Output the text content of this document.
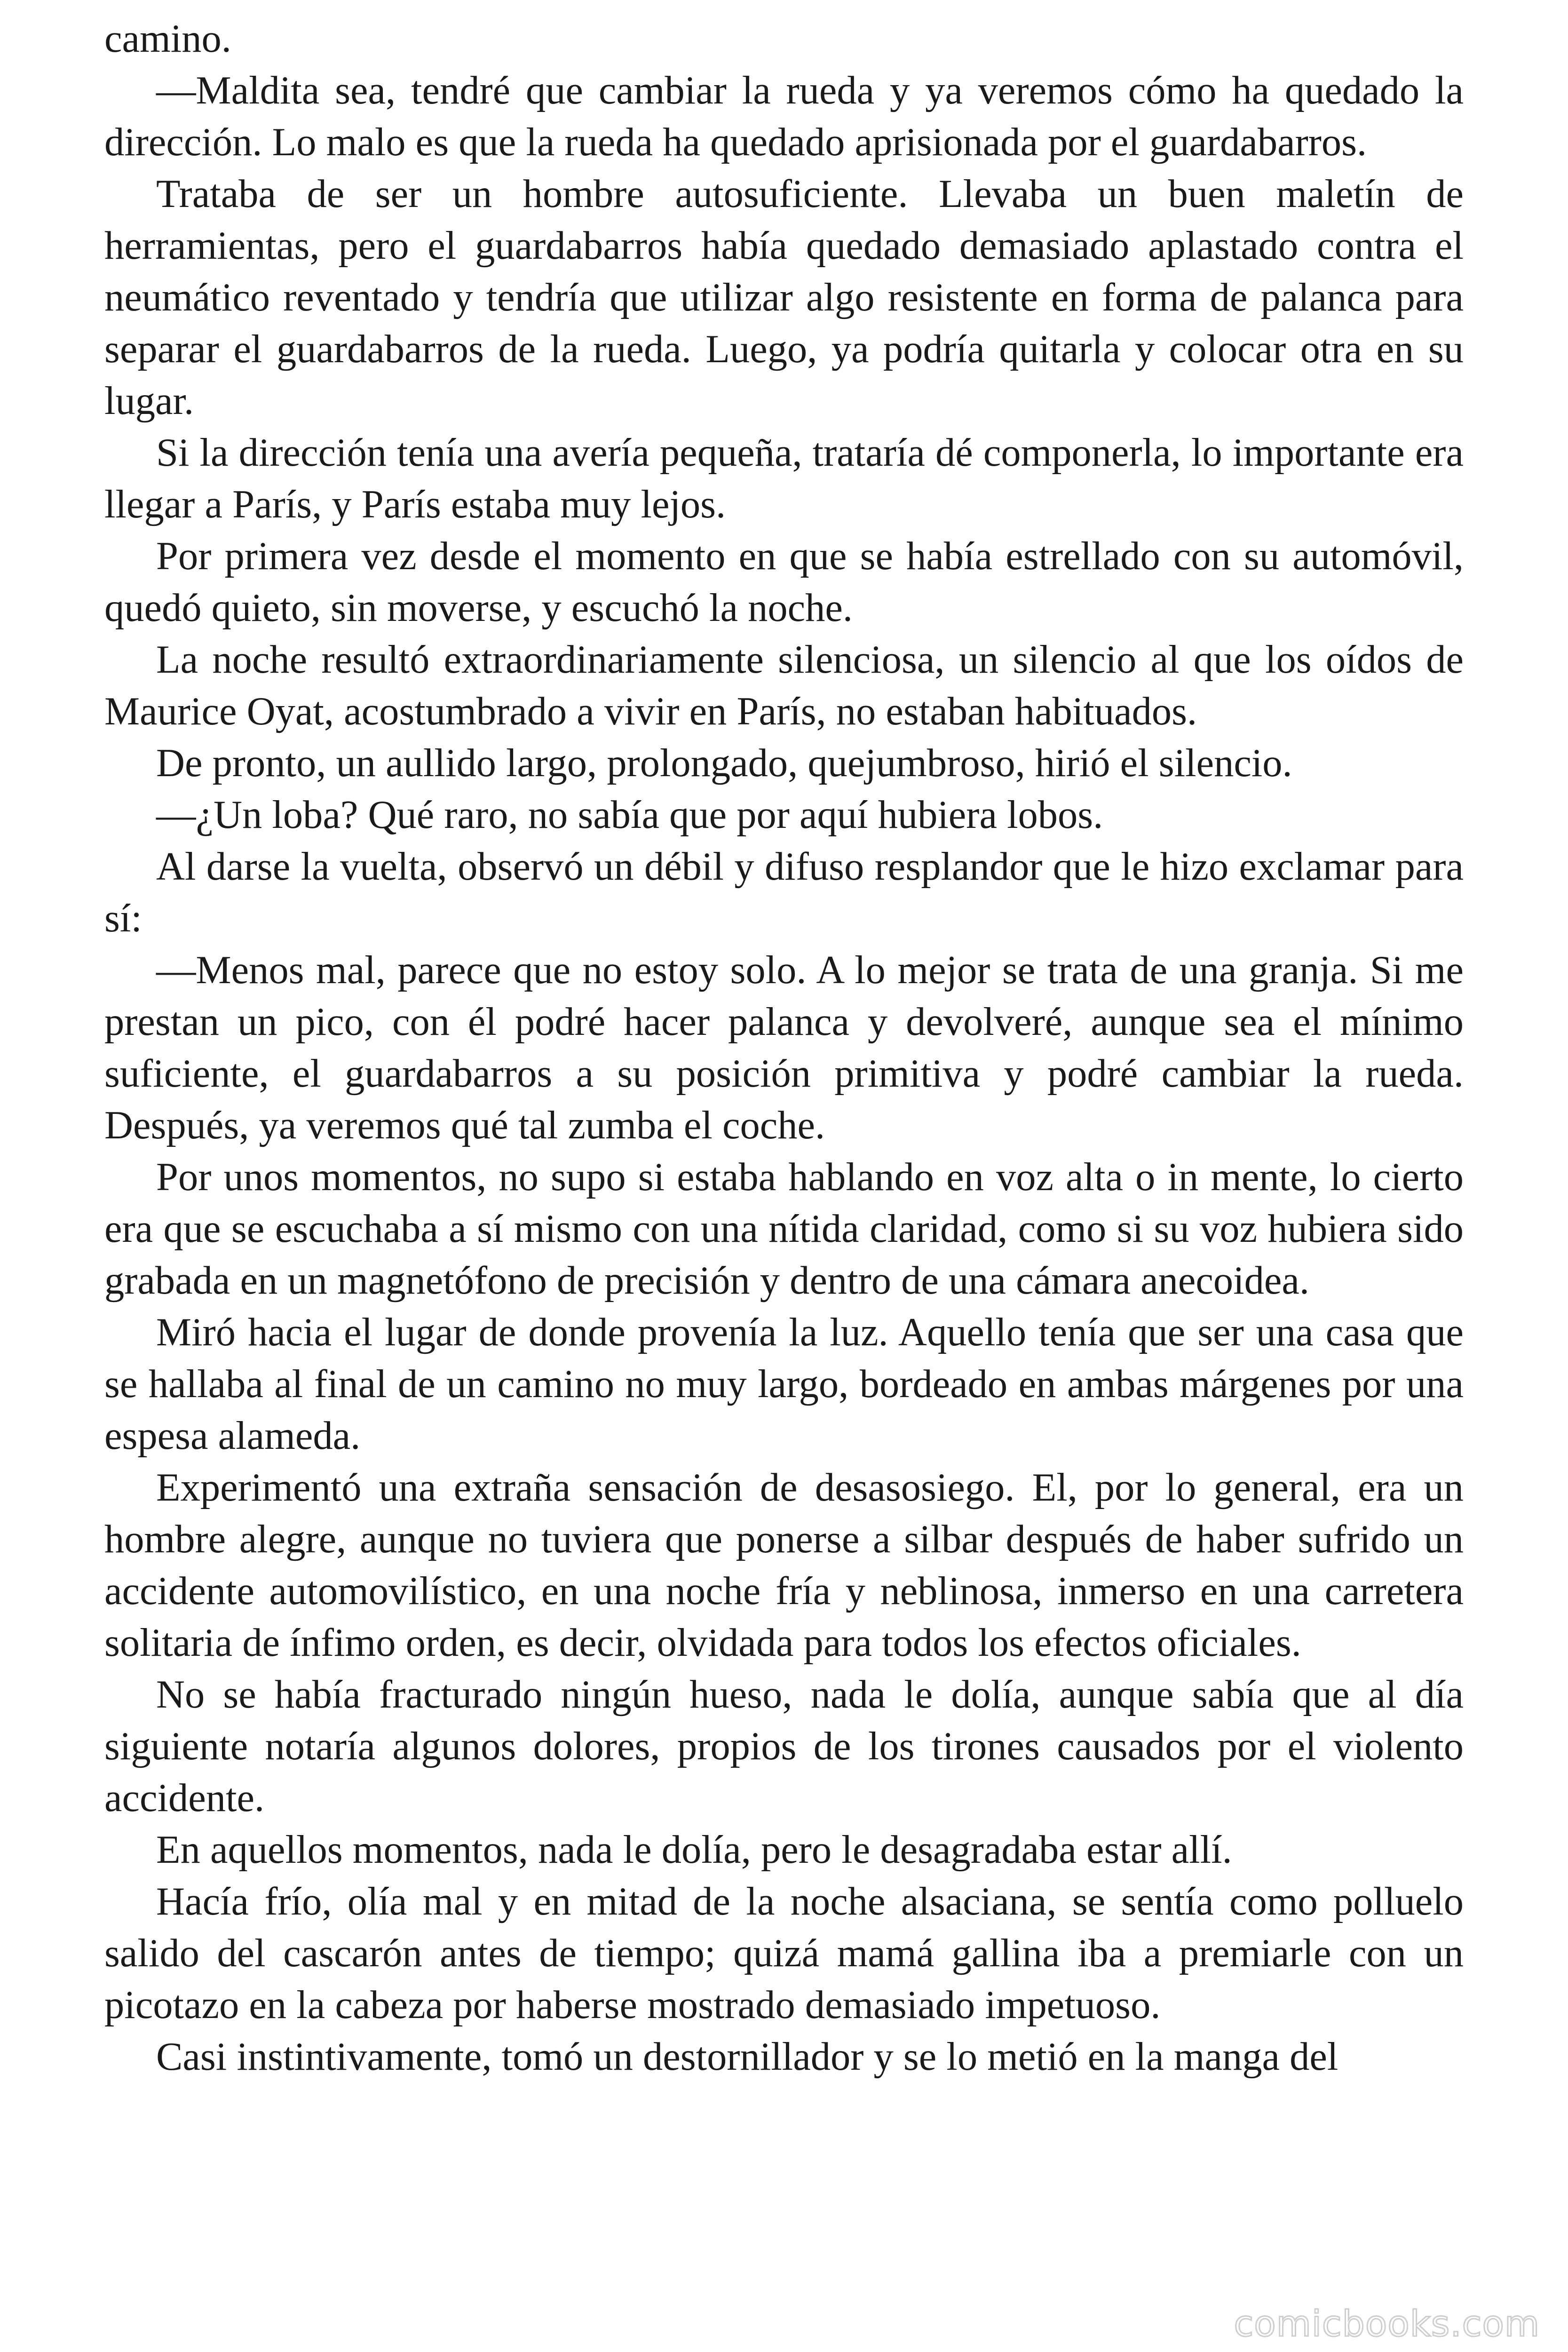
camino.

—Maldita sea, tendré que cambiar la rueda y ya veremos cómo ha quedado la dirección. Lo malo es que la rueda ha quedado aprisionada por el guardabarros.

Trataba de ser un hombre autosuficiente. Llevaba un buen maletín de herramientas, pero el guardabarros había quedado demasiado aplastado contra el neumático reventado y tendría que utilizar algo resistente en forma de palanca para separar el guardabarros de la rueda. Luego, ya podría quitarla y colocar otra en su lugar.

Si la dirección tenía una avería pequeña, trataría dé componerla, lo importante era llegar a París, y París estaba muy lejos.

Por primera vez desde el momento en que se había estrellado con su automóvil, quedó quieto, sin moverse, y escuchó la noche.

La noche resultó extraordinariamente silenciosa, un silencio al que los oídos de Maurice Oyat, acostumbrado a vivir en París, no estaban habituados.

De pronto, un aullido largo, prolongado, quejumbroso, hirió el silencio.

—¿Un loba? Qué raro, no sabía que por aquí hubiera lobos.

Al darse la vuelta, observó un débil y difuso resplandor que le hizo exclamar para sí:

—Menos mal, parece que no estoy solo. A lo mejor se trata de una granja. Si me prestan un pico, con él podré hacer palanca y devolveré, aunque sea el mínimo suficiente, el guardabarros a su posición primitiva y podré cambiar la rueda. Después, ya veremos qué tal zumba el coche.

Por unos momentos, no supo si estaba hablando en voz alta o in mente, lo cierto era que se escuchaba a sí mismo con una nítida claridad, como si su voz hubiera sido grabada en un magnetófono de precisión y dentro de una cámara anecoidea.

Miró hacia el lugar de donde provenía la luz. Aquello tenía que ser una casa que se hallaba al final de un camino no muy largo, bordeado en ambas márgenes por una espesa alameda.

Experimentó una extraña sensación de desasosiego. El, por lo general, era un hombre alegre, aunque no tuviera que ponerse a silbar después de haber sufrido un accidente automovilístico, en una noche fría y neblinosa, inmerso en una carretera solitaria de ínfimo orden, es decir, olvidada para todos los efectos oficiales.

No se había fracturado ningún hueso, nada le dolía, aunque sabía que al día siguiente notaría algunos dolores, propios de los tirones causados por el violento accidente.

En aquellos momentos, nada le dolía, pero le desagradaba estar allí.

Hacía frío, olía mal y en mitad de la noche alsaciana, se sentía como polluelo salido del cascarón antes de tiempo; quizá mamá gallina iba a premiarle con un picotazo en la cabeza por haberse mostrado demasiado impetuoso.

Casi instintivamente, tomó un destornillador y se lo metió en la manga del

comicbooks.com
